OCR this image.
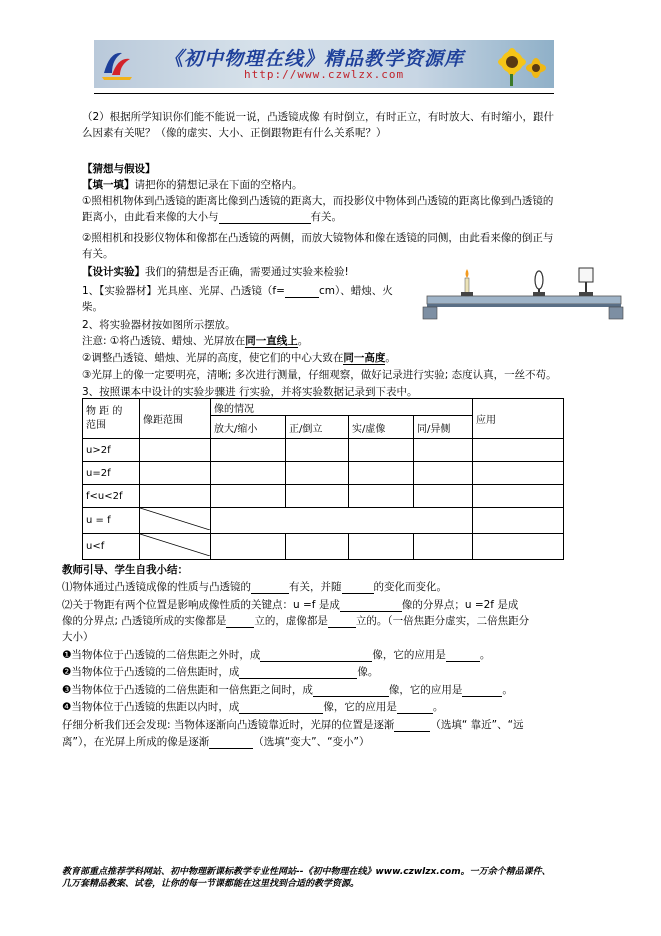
《初中物理在线》精品教学资源库
http://www.czwlzx.com
（2）根据所学知识你们能不能说一说，凸透镜成像 有时倒立，有时正立，有时放大、有时缩小，跟什
么因素有关呢？（像的虚实、大小、正倒跟物距有什么关系呢？）
【猜想与假设】
【填一填】请把你的猜想记录在下面的空格内。
①照相机物体到凸透镜的距离比像到凸透镜的距离大，而投影仪中物体到凸透镜的距离比像到凸透镜的
距离小，由此看来像的大小与	有关。
②照相机和投影仪物体和像都在凸透镜的两侧，而放大镜物体和像在透镜的同侧，由此看来像的倒正与
有关。
【设计实验】我们的猜想是否正确，需要通过实验来检验!
1、【实验器材】光具座、光屏、凸透镜（f=	cm）、蜡烛、火
柴。
2、将实验器材按如图所示摆放。
注意: ①将凸透镜、蜡烛、光屏放在同一直线上。
②调整凸透镜、蜡烛、光屏的高度，使它们的中心大致在同一高度。
③光屏上的像一定要明亮，清晰; 多次进行测量，仔细观察，做好记录进行实验; 态度认真，一丝不苟。
3、按照课本中设计的实验步骤进 行实验，并将实验数据记录到下表中。
物 距 的
范围	像距范围	像的情况				应用
		放大/缩小	正/倒立	实/虚像	同/异侧	
u>2f						
u=2f						
f<u<2f						
u = f			
u<f						
教师引导、学生自我小结：
⑴物体通过凸透镜成像的性质与凸透镜的	有关，并随	的变化而变化。
⑵关于物距有两个位置是影响成像性质的关键点：u =f 是成	像的分界点；u =2f 是成
像的分界点; 凸透镜所成的实像都是	立的，虚像都是	立的。（一倍焦距分虚实，二倍焦距分
大小）
❶当物体位于凸透镜的二倍焦距之外时，成	像，它的应用是	。
❷当物体位于凸透镜的二倍焦距时，成	像。
❸当物体位于凸透镜的二倍焦距和一倍焦距之间时，成	像，它的应用是	。
❹当物体位于凸透镜的焦距以内时，成	像，它的应用是	。
仔细分析我们还会发现: 当物体逐渐向凸透镜靠近时，光屏的位置是逐渐	（选填“ 靠近”、“远
离”），在光屏上所成的像是逐渐	（选填“变大”、“变小”）
教育部重点推荐学科网站、初中物理新课标教学专业性网站--《初中物理在线》www.czwlzx.com。一万余个精品课件、
几万套精品教案、试卷，让你的每一节课都能在这里找到合适的教学资源。
